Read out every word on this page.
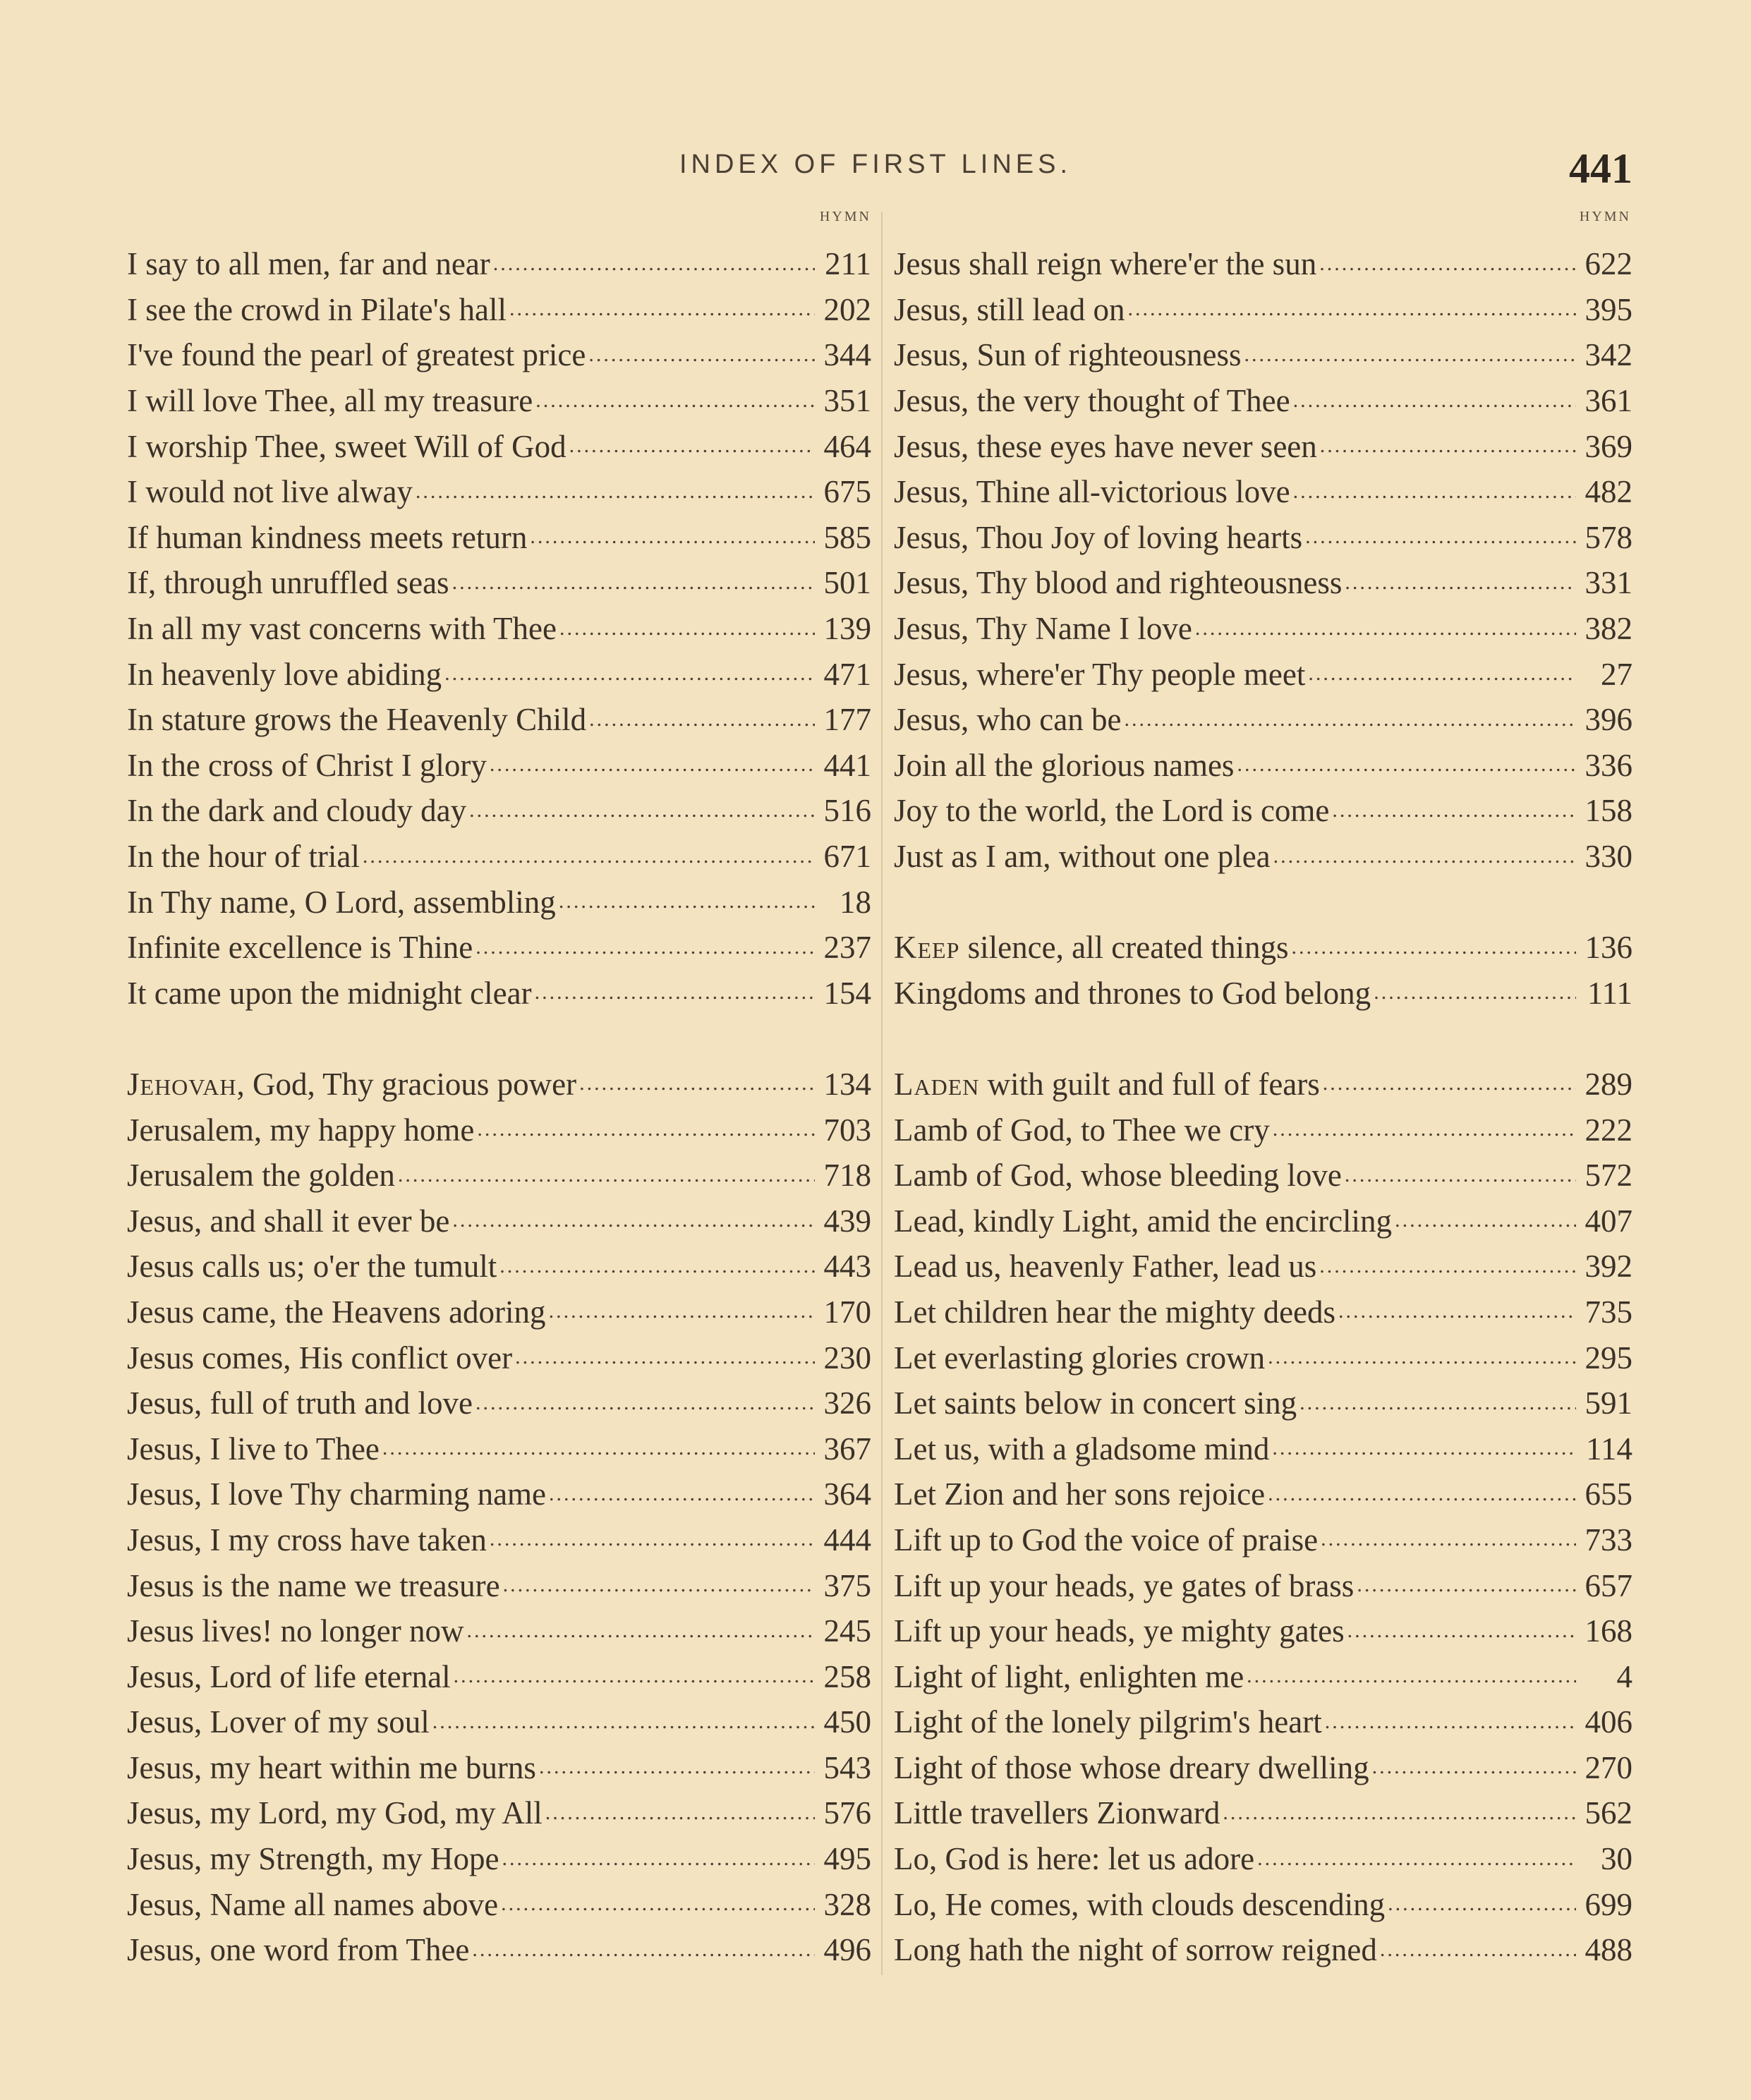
INDEX OF FIRST LINES.	441
HYMN	HYMN
I say to all men, far and near .....	211
I see the crowd in Pilate's hall .....	202
I've found the pearl of greatest price .....	344
I will love Thee, all my treasure .....	351
I worship Thee, sweet Will of God .....	464
I would not live alway .....	675
If human kindness meets return .....	585
If, through unruffled seas .....	501
In all my vast concerns with Thee .....	139
In heavenly love abiding .....	471
In stature grows the Heavenly Child .....	177
In the cross of Christ I glory .....	441
In the dark and cloudy day .....	516
In the hour of trial .....	671
In Thy name, O Lord, assembling .....	18
Infinite excellence is Thine .....	237
It came upon the midnight clear .....	154
Jehovah, God, Thy gracious power .....	134
Jerusalem, my happy home .....	703
Jerusalem the golden .....	718
Jesus, and shall it ever be .....	439
Jesus calls us; o'er the tumult .....	443
Jesus came, the Heavens adoring .....	170
Jesus comes, His conflict over .....	230
Jesus, full of truth and love .....	326
Jesus, I live to Thee .....	367
Jesus, I love Thy charming name .....	364
Jesus, I my cross have taken .....	444
Jesus is the name we treasure .....	375
Jesus lives! no longer now .....	245
Jesus, Lord of life eternal .....	258
Jesus, Lover of my soul .....	450
Jesus, my heart within me burns .....	543
Jesus, my Lord, my God, my All .....	576
Jesus, my Strength, my Hope .....	495
Jesus, Name all names above .....	328
Jesus, one word from Thee .....	496
Jesus shall reign where'er the sun .....	622
Jesus, still lead on .....	395
Jesus, Sun of righteousness .....	342
Jesus, the very thought of Thee .....	361
Jesus, these eyes have never seen .....	369
Jesus, Thine all-victorious love .....	482
Jesus, Thou Joy of loving hearts .....	578
Jesus, Thy blood and righteousness .....	331
Jesus, Thy Name I love .....	382
Jesus, where'er Thy people meet .....	27
Jesus, who can be .....	396
Join all the glorious names .....	336
Joy to the world, the Lord is come .....	158
Just as I am, without one plea .....	330
Keep silence, all created things .....	136
Kingdoms and thrones to God belong .....	111
Laden with guilt and full of fears .....	289
Lamb of God, to Thee we cry .....	222
Lamb of God, whose bleeding love .....	572
Lead, kindly Light, amid the encircling .....	407
Lead us, heavenly Father, lead us .....	392
Let children hear the mighty deeds .....	735
Let everlasting glories crown .....	295
Let saints below in concert sing .....	591
Let us, with a gladsome mind .....	114
Let Zion and her sons rejoice .....	655
Lift up to God the voice of praise .....	733
Lift up your heads, ye gates of brass .....	657
Lift up your heads, ye mighty gates .....	168
Light of light, enlighten me .....	4
Light of the lonely pilgrim's heart .....	406
Light of those whose dreary dwelling .....	270
Little travellers Zionward .....	562
Lo, God is here: let us adore .....	30
Lo, He comes, with clouds descending .....	699
Long hath the night of sorrow reigned .....	488
